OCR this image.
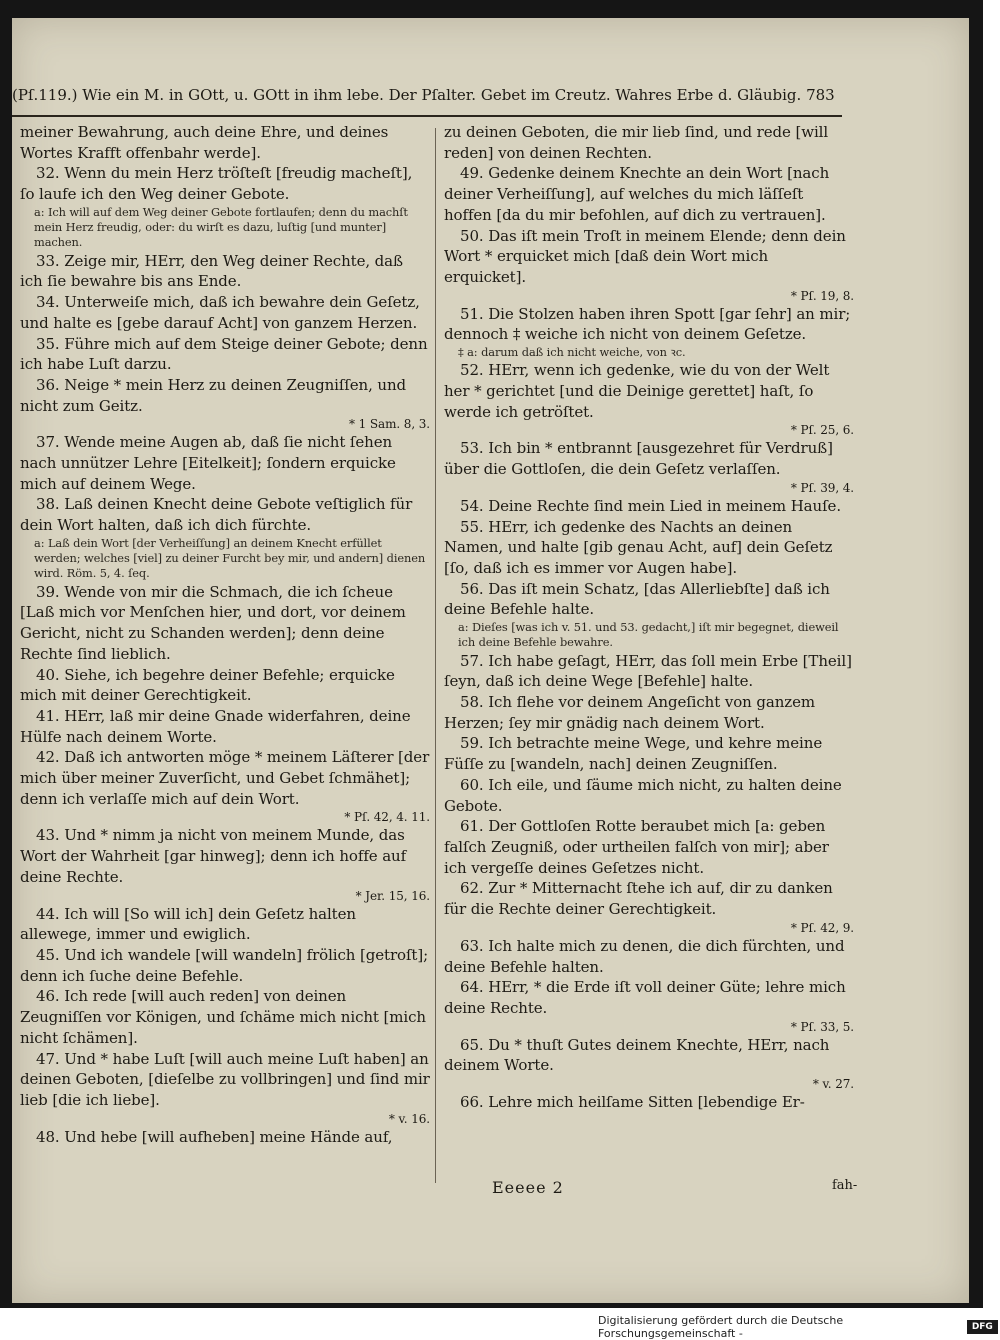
(Pſ.119.) Wie ein M. in GOtt, u. GOtt in ihm lebe. Der Pſalter. Gebet im Creutz. Wahres Erbe d. Gläubig. 783

meiner Bewahrung, auch deine Ehre, und deines Wortes Krafft offenbahr werde].

32. Wenn du mein Herz tröſteſt [freudig macheſt], ſo laufe ich den Weg deiner Gebote.

a: Ich will auf dem Weg deiner Gebote fortlaufen; denn du machſt mein Herz freudig, oder: du wirſt es dazu, luſtig [und munter] machen.

33. Zeige mir, HErr, den Weg deiner Rechte, daß ich ſie bewahre bis ans Ende.

34. Unterweiſe mich, daß ich bewahre dein Geſetz, und halte es [gebe darauf Acht] von ganzem Herzen.

35. Führe mich auf dem Steige deiner Gebote; denn ich habe Luſt darzu.

36. Neige * mein Herz zu deinen Zeugniſſen, und nicht zum Geitz.
* 1 Sam. 8, 3.

37. Wende meine Augen ab, daß ſie nicht ſehen nach unnützer Lehre [Eitelkeit]; ſondern erquicke mich auf deinem Wege.

38. Laß deinen Knecht deine Gebote veſtiglich für dein Wort halten, daß ich dich fürchte.

a: Laß dein Wort [der Verheiſſung] an deinem Knecht erfüllet werden; welches [viel] zu deiner Furcht bey mir, und andern] dienen wird. Röm. 5, 4. ſeq.

39. Wende von mir die Schmach, die ich ſcheue [Laß mich vor Menſchen hier, und dort, vor deinem Gericht, nicht zu Schanden werden]; denn deine Rechte ſind lieblich.

40. Siehe, ich begehre deiner Befehle; erquicke mich mit deiner Gerechtigkeit.

41. HErr, laß mir deine Gnade widerfahren, deine Hülfe nach deinem Worte.

42. Daß ich antworten möge * meinem Läſterer [der mich über meiner Zuverſicht, und Gebet ſchmähet]; denn ich verlaſſe mich auf dein Wort.
* Pſ. 42, 4. 11.

43. Und * nimm ja nicht von meinem Munde, das Wort der Wahrheit [gar hinweg]; denn ich hoffe auf deine Rechte.
* Jer. 15, 16.

44. Ich will [So will ich] dein Geſetz halten allewege, immer und ewiglich.

45. Und ich wandele [will wandeln] frölich [getroſt]; denn ich ſuche deine Befehle.

46. Ich rede [will auch reden] von deinen Zeugniſſen vor Königen, und ſchäme mich nicht [mich nicht ſchämen].

47. Und * habe Luſt [will auch meine Luſt haben] an deinen Geboten, [dieſelbe zu vollbringen] und ſind mir lieb [die ich liebe].
* v. 16.

48. Und hebe [will aufheben] meine Hände auf,

zu deinen Geboten, die mir lieb ſind, und rede [will reden] von deinen Rechten.

49. Gedenke deinem Knechte an dein Wort [nach deiner Verheiſſung], auf welches du mich läſſeſt hoffen [da du mir befohlen, auf dich zu vertrauen].

50. Das iſt mein Troſt in meinem Elende; denn dein Wort * erquicket mich [daß dein Wort mich erquicket].
* Pſ. 19, 8.

51. Die Stolzen haben ihren Spott [gar ſehr] an mir; dennoch ‡ weiche ich nicht von deinem Geſetze.

‡ a: darum daß ich nicht weiche, von ꝛc.

52. HErr, wenn ich gedenke, wie du von der Welt her * gerichtet [und die Deinige gerettet] haſt, ſo werde ich getröſtet.
* Pſ. 25, 6.

53. Ich bin * entbrannt [ausgezehret für Verdruß] über die Gottloſen, die dein Geſetz verlaſſen.
* Pſ. 39, 4.

54. Deine Rechte ſind mein Lied in meinem Hauſe.

55. HErr, ich gedenke des Nachts an deinen Namen, und halte [gib genau Acht, auf] dein Geſetz [ſo, daß ich es immer vor Augen habe].

56. Das iſt mein Schatz, [das Allerliebſte] daß ich deine Befehle halte.

a: Dieſes [was ich v. 51. und 53. gedacht,] iſt mir begegnet, dieweil ich deine Befehle bewahre.

57. Ich habe geſagt, HErr, das ſoll mein Erbe [Theil] ſeyn, daß ich deine Wege [Befehle] halte.

58. Ich flehe vor deinem Angeſicht von ganzem Herzen; ſey mir gnädig nach deinem Wort.

59. Ich betrachte meine Wege, und kehre meine Füſſe zu [wandeln, nach] deinen Zeugniſſen.

60. Ich eile, und ſäume mich nicht, zu halten deine Gebote.

61. Der Gottloſen Rotte beraubet mich [a: geben falſch Zeugniß, oder urtheilen falſch von mir]; aber ich vergeſſe deines Geſetzes nicht.

62. Zur * Mitternacht ſtehe ich auf, dir zu danken für die Rechte deiner Gerechtigkeit.
* Pſ. 42, 9.

63. Ich halte mich zu denen, die dich fürchten, und deine Befehle halten.

64. HErr, * die Erde iſt voll deiner Güte; lehre mich deine Rechte.
* Pſ. 33, 5.

65. Du * thuſt Gutes deinem Knechte, HErr, nach deinem Worte.
* v. 27.

66. Lehre mich heilſame Sitten [lebendige Er-

Eeeee 2	fah-
Digitalisierung gefördert durch die Deutsche Forschungsgemeinschaft -	DFG
